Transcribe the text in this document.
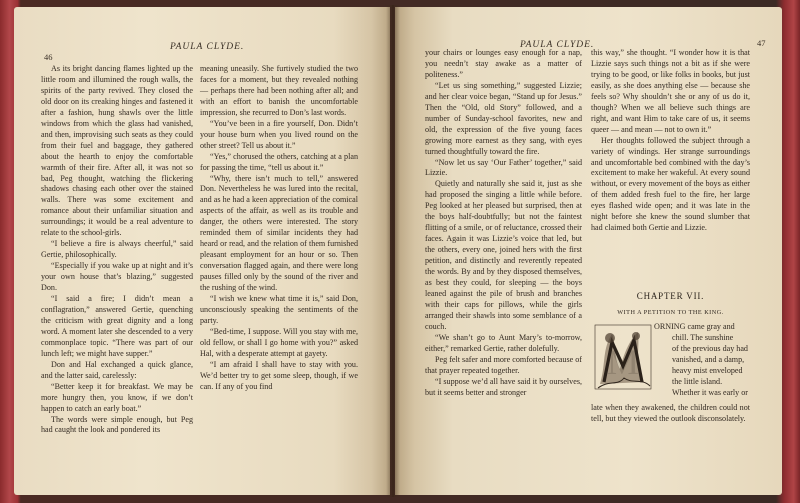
46
PAULA CLYDE.

As its bright dancing flames lighted up the little room and illumined the rough walls, the spirits of the party revived. They closed the old door on its creaking hinges and fastened it after a fashion, hung shawls over the little windows from which the glass had vanished, and then, improvising such seats as they could from their fuel and baggage, they gathered about the hearth to enjoy the comfortable warmth of their fire. After all, it was not so bad, Peg thought, watching the flickering shadows chasing each other over the stained walls. There was some excitement and romance about their unfamiliar situation and surroundings; it would be a real adventure to relate to the school-girls.

“I believe a fire is always cheerful,” said Gertie, philosophically.

“Especially if you wake up at night and it’s your own house that’s blazing,” suggested Don.

“I said a fire; I didn’t mean a conflagration,” answered Gertie, quenching the criticism with great dignity and a long word. A moment later she descended to a very commonplace topic. “There was part of our lunch left; we might have supper.”

Don and Hal exchanged a quick glance, and the latter said, carelessly:

“Better keep it for breakfast. We may be more hungry then, you know, if we don’t happen to catch an early boat.”

The words were simple enough, but Peg had caught the look and pondered its

meaning uneasily. She furtively studied the two faces for a moment, but they revealed nothing — perhaps there had been nothing after all; and with an effort to banish the uncomfortable impression, she recurred to Don’s last words.

“You’ve been in a fire yourself, Don. Didn’t your house burn when you lived round on the other street? Tell us about it.”

“Yes,” chorused the others, catching at a plan for passing the time, “tell us about it.”

“Why, there isn’t much to tell,” answered Don. Nevertheless he was lured into the recital, and as he had a keen appreciation of the comical aspects of the affair, as well as its trouble and danger, the others were interested. The story reminded them of similar incidents they had heard or read, and the relation of them furnished pleasant employment for an hour or so. Then conversation flagged again, and there were long pauses filled only by the sound of the river and the rushing of the wind.

“I wish we knew what time it is,” said Don, unconsciously speaking the sentiments of the party.

“Bed-time, I suppose. Will you stay with me, old fellow, or shall I go home with you?” asked Hal, with a desperate attempt at gayety.

“I am afraid I shall have to stay with you. We’d better try to get some sleep, though, if we can. If any of you find

PAULA CLYDE.	47

your chairs or lounges easy enough for a nap, you needn’t stay awake as a matter of politeness.”

“Let us sing something,” suggested Lizzie; and her clear voice began, “Stand up for Jesus.” Then the “Old, old Story” followed, and a number of Sunday-school favorites, new and old, the expression of the five young faces growing more earnest as they sang, with eyes turned thoughtfully toward the fire.

“Now let us say ‘Our Father’ together,” said Lizzie.

Quietly and naturally she said it, just as she had proposed the singing a little while before. Peg looked at her pleased but surprised, then at the boys half-doubtfully; but not the faintest flitting of a smile, or of reluctance, crossed their faces. Again it was Lizzie’s voice that led, but the others, every one, joined hers with the first petition, and distinctly and reverently repeated the words. By and by they disposed themselves, as best they could, for sleeping — the boys leaned against the pile of brush and branches with their caps for pillows, while the girls arranged their shawls into some semblance of a couch.

“We shan’t go to Aunt Mary’s to-morrow, either,” remarked Gertie, rather dolefully.

Peg felt safer and more comforted because of that prayer repeated together.

“I suppose we’d all have said it by ourselves, but it seems better and stronger

this way,” she thought. “I wonder how it is that Lizzie says such things not a bit as if she were trying to be good, or like folks in books, but just easily, as she does anything else — because she feels so? Why shouldn’t she or any of us do it, though? When we all believe such things are right, and want Him to take care of us, it seems queer — and mean — not to own it.”

Her thoughts followed the subject through a variety of windings. Her strange surroundings and uncomfortable bed combined with the day’s excitement to make her wakeful. At every sound without, or every movement of the boys as either of them added fresh fuel to the fire, her large eyes flashed wide open; and it was late in the night before she knew the sound slumber that had claimed both Gertie and Lizzie.

CHAPTER VII.
WITH A PETITION TO THE KING.
M

ORNING came gray and

chill. The sunshine

of the previous day had

vanished, and a damp,

heavy mist enveloped

the little island.

Whether it was early or

late when they awakened, the children could not tell, but they viewed the outlook disconsolately.
